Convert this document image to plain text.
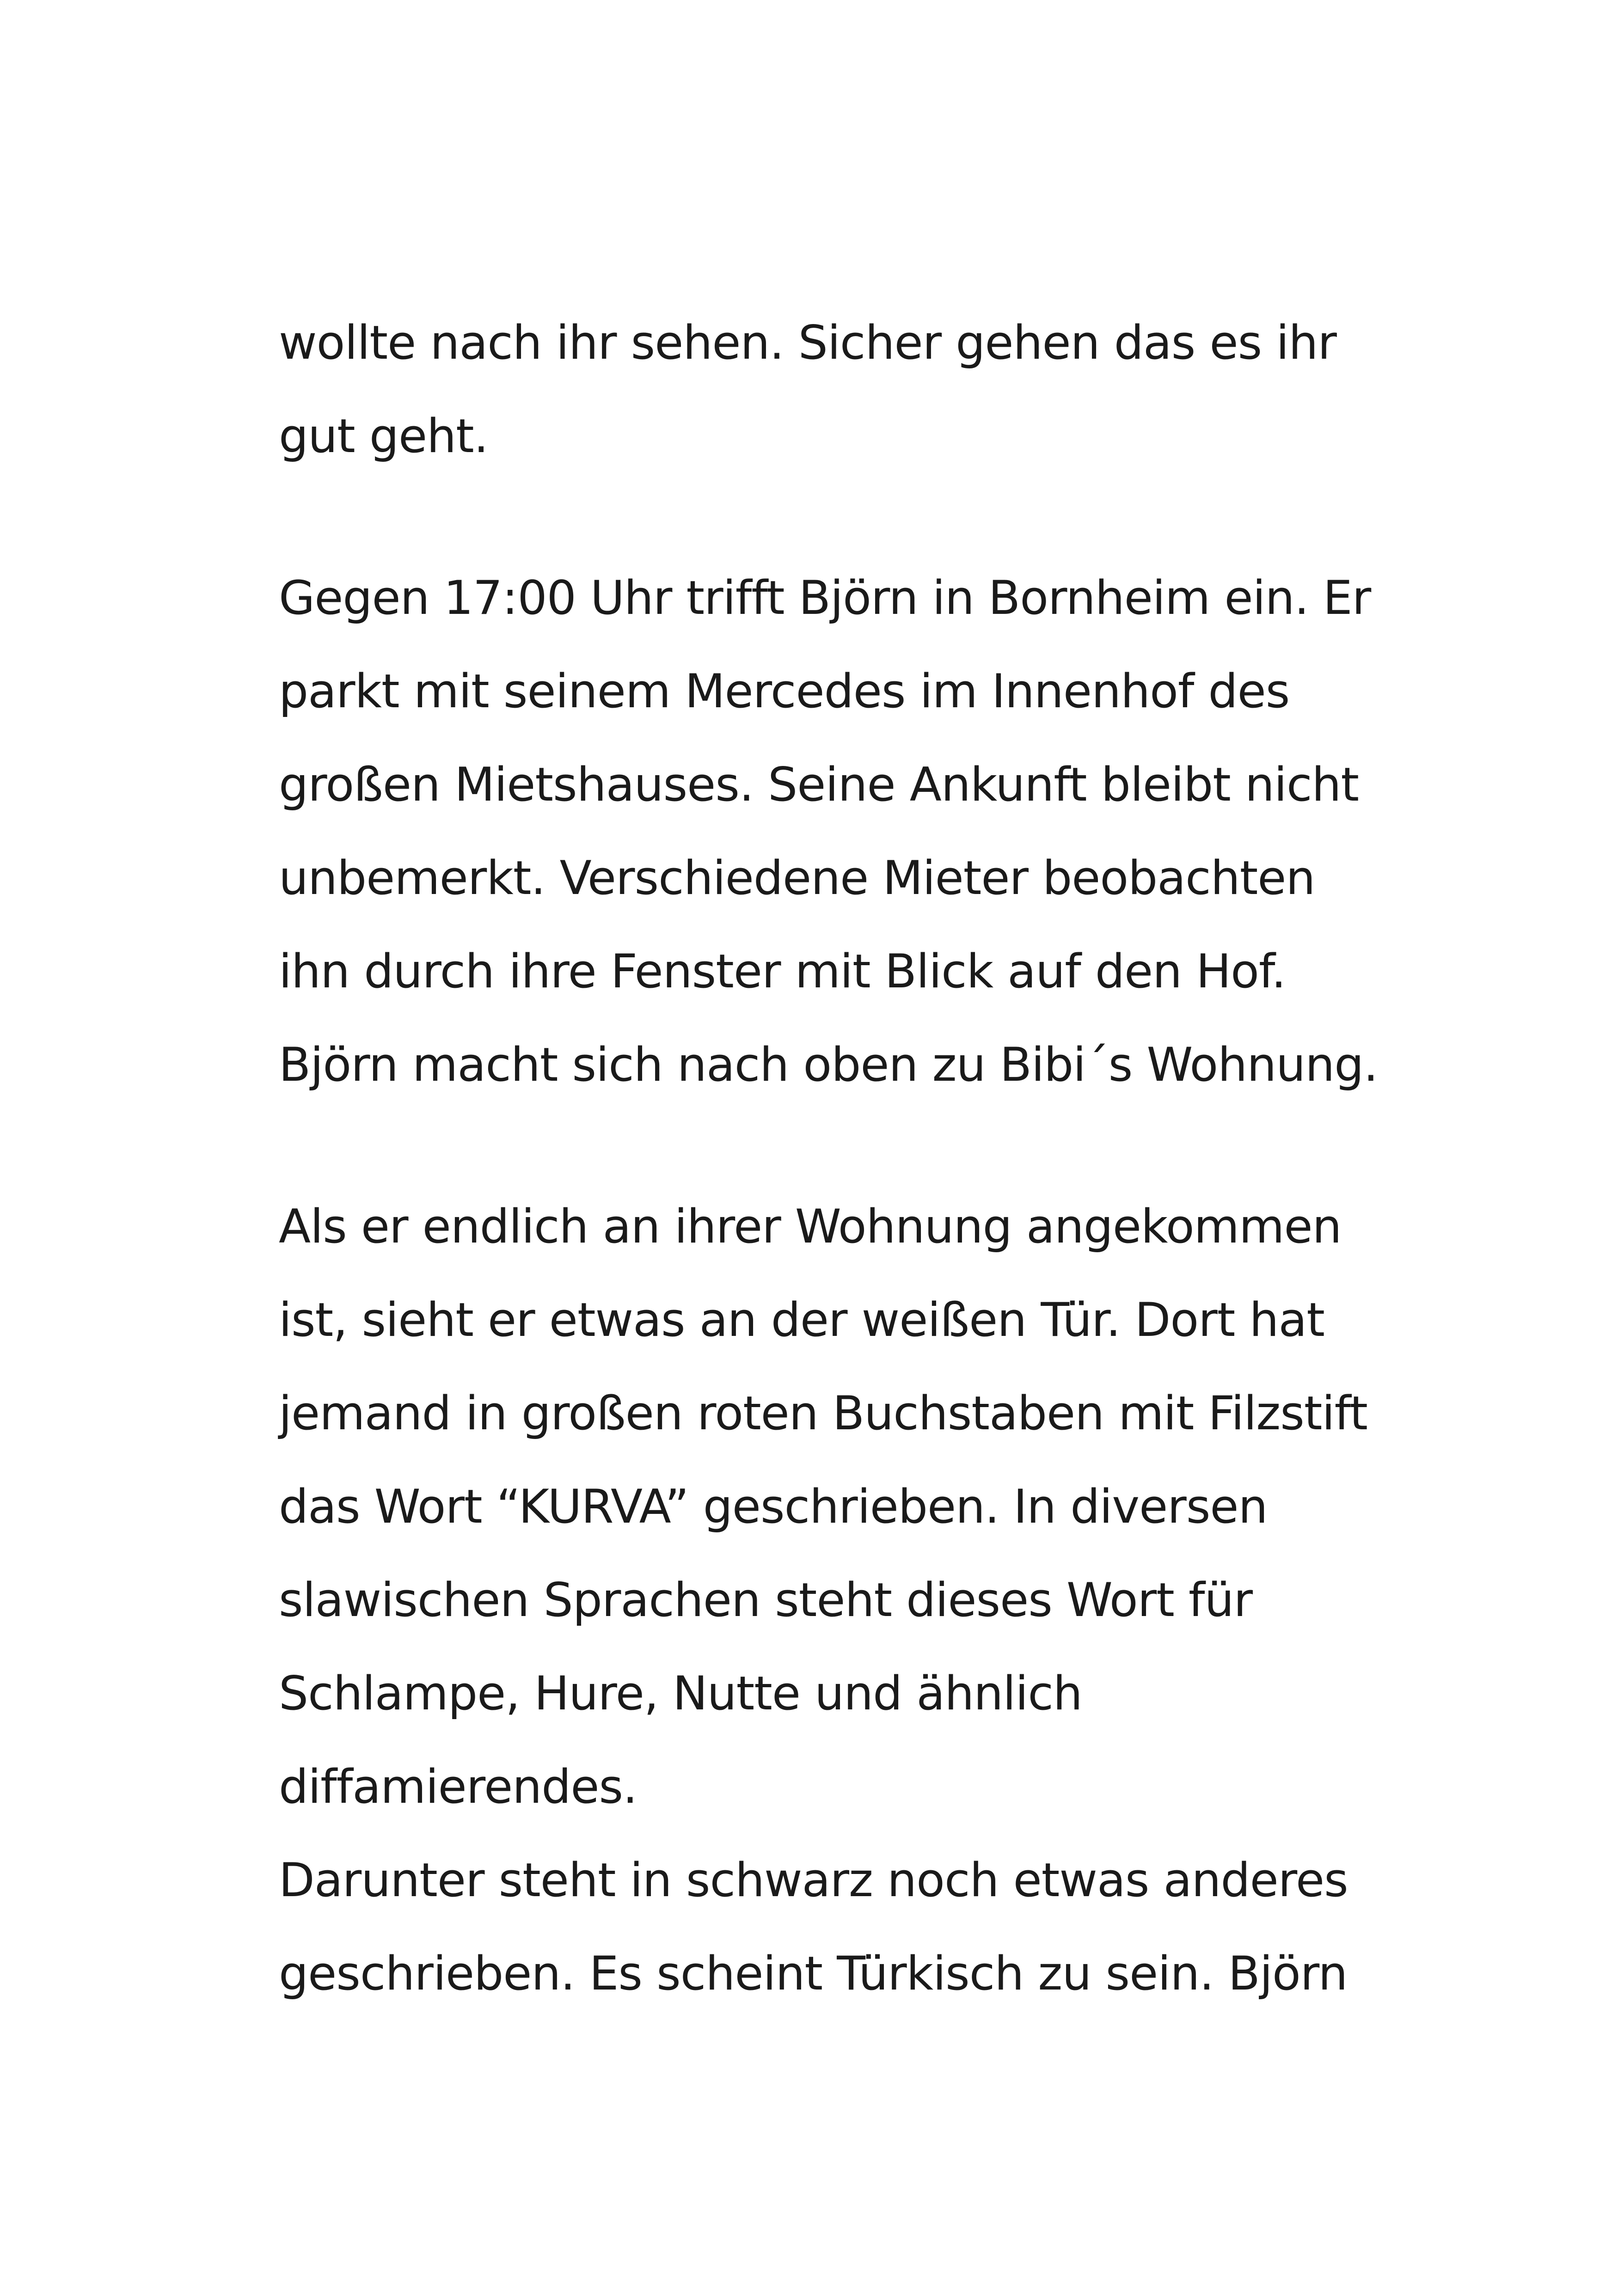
wollte nach ihr sehen. Sicher gehen das es ihr
gut geht.
Gegen 17:00 Uhr trifft Björn in Bornheim ein. Er
parkt mit seinem Mercedes im Innenhof des
großen Mietshauses. Seine Ankunft bleibt nicht
unbemerkt. Verschiedene Mieter beobachten
ihn durch ihre Fenster mit Blick auf den Hof.
Björn macht sich nach oben zu Bibi´s Wohnung.
Als er endlich an ihrer Wohnung angekommen
ist, sieht er etwas an der weißen Tür. Dort hat
jemand in großen roten Buchstaben mit Filzstift
das Wort “KURVA” geschrieben. In diversen
slawischen Sprachen steht dieses Wort für
Schlampe, Hure, Nutte und ähnlich
diffamierendes.
Darunter steht in schwarz noch etwas anderes
geschrieben. Es scheint Türkisch zu sein. Björn
